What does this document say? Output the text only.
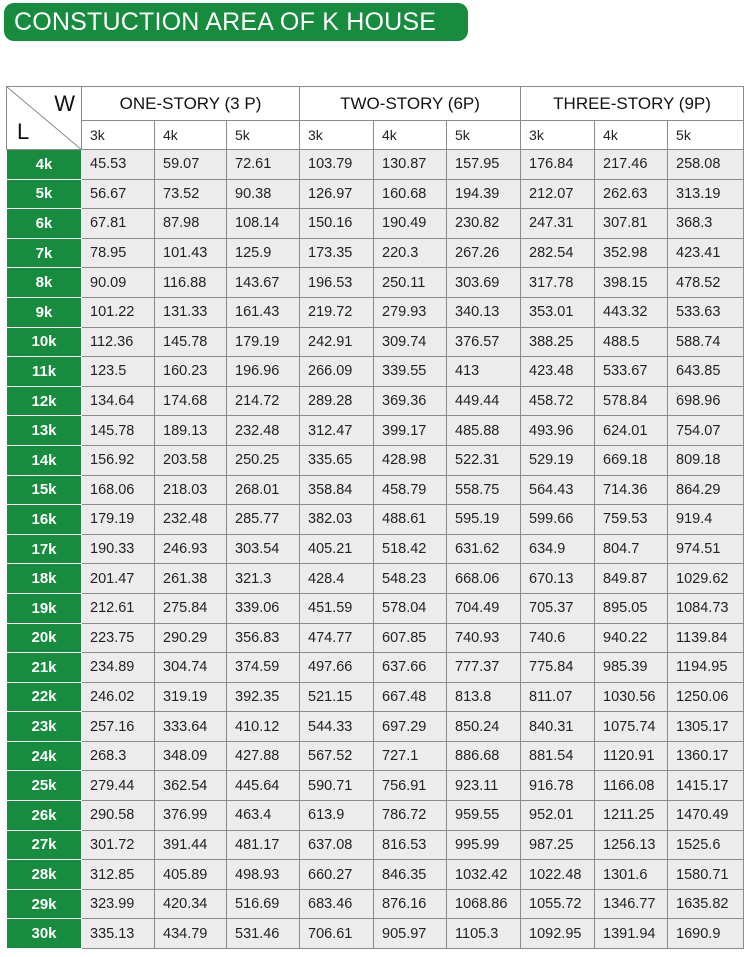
CONSTUCTION AREA OF K HOUSE
W
L	ONE-STORY (3 P)			TWO-STORY (6P)			THREE-STORY (9P)		
	3k	4k	5k	3k	4k	5k	3k	4k	5k
4k	45.53	59.07	72.61	103.79	130.87	157.95	176.84	217.46	258.08
5k	56.67	73.52	90.38	126.97	160.68	194.39	212.07	262.63	313.19
6k	67.81	87.98	108.14	150.16	190.49	230.82	247.31	307.81	368.3
7k	78.95	101.43	125.9	173.35	220.3	267.26	282.54	352.98	423.41
8k	90.09	116.88	143.67	196.53	250.11	303.69	317.78	398.15	478.52
9k	101.22	131.33	161.43	219.72	279.93	340.13	353.01	443.32	533.63
10k	112.36	145.78	179.19	242.91	309.74	376.57	388.25	488.5	588.74
11k	123.5	160.23	196.96	266.09	339.55	413	423.48	533.67	643.85
12k	134.64	174.68	214.72	289.28	369.36	449.44	458.72	578.84	698.96
13k	145.78	189.13	232.48	312.47	399.17	485.88	493.96	624.01	754.07
14k	156.92	203.58	250.25	335.65	428.98	522.31	529.19	669.18	809.18
15k	168.06	218.03	268.01	358.84	458.79	558.75	564.43	714.36	864.29
16k	179.19	232.48	285.77	382.03	488.61	595.19	599.66	759.53	919.4
17k	190.33	246.93	303.54	405.21	518.42	631.62	634.9	804.7	974.51
18k	201.47	261.38	321.3	428.4	548.23	668.06	670.13	849.87	1029.62
19k	212.61	275.84	339.06	451.59	578.04	704.49	705.37	895.05	1084.73
20k	223.75	290.29	356.83	474.77	607.85	740.93	740.6	940.22	1139.84
21k	234.89	304.74	374.59	497.66	637.66	777.37	775.84	985.39	1194.95
22k	246.02	319.19	392.35	521.15	667.48	813.8	811.07	1030.56	1250.06
23k	257.16	333.64	410.12	544.33	697.29	850.24	840.31	1075.74	1305.17
24k	268.3	348.09	427.88	567.52	727.1	886.68	881.54	1120.91	1360.17
25k	279.44	362.54	445.64	590.71	756.91	923.11	916.78	1166.08	1415.17
26k	290.58	376.99	463.4	613.9	786.72	959.55	952.01	1211.25	1470.49
27k	301.72	391.44	481.17	637.08	816.53	995.99	987.25	1256.13	1525.6
28k	312.85	405.89	498.93	660.27	846.35	1032.42	1022.48	1301.6	1580.71
29k	323.99	420.34	516.69	683.46	876.16	1068.86	1055.72	1346.77	1635.82
30k	335.13	434.79	531.46	706.61	905.97	1105.3	1092.95	1391.94	1690.9
